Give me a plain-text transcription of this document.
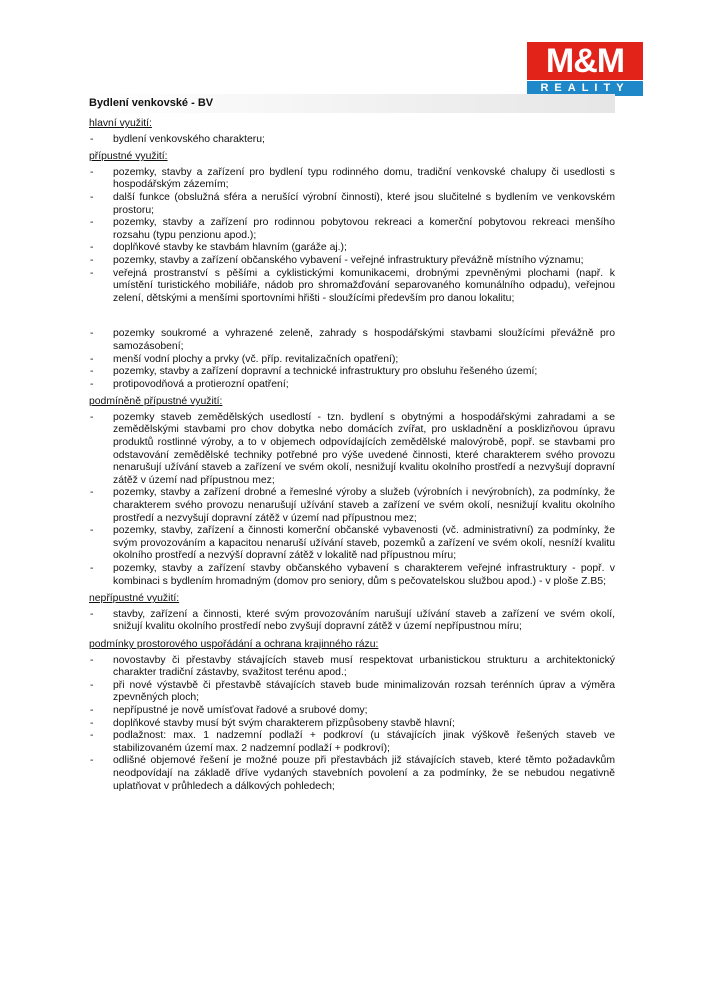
M&M
REALITY
Bydlení venkovské - BV
hlavní využití:
- bydlení venkovského charakteru;
přípustné využití:
- pozemky, stavby a zařízení pro bydlení typu rodinného domu, tradiční venkovské chalupy či usedlosti s hospodářským zázemím;
- další funkce (obslužná sféra a nerušící výrobní činnosti), které jsou slučitelné s bydlením ve venkovském prostoru;
- pozemky, stavby a zařízení pro rodinnou pobytovou rekreaci a komerční pobytovou rekreaci menšího rozsahu (typu penzionu apod.);
- doplňkové stavby ke stavbám hlavním (garáže aj.);
- pozemky, stavby a zařízení občanského vybavení - veřejné infrastruktury převážně místního významu;
- veřejná prostranství s pěšími a cyklistickými komunikacemi, drobnými zpevněnými plochami (např. k umístění turistického mobiliáře, nádob pro shromažďování separovaného komunálního odpadu), veřejnou zelení, dětskými a menšími sportovními hřišti - sloužícími především pro danou lokalitu;
- pozemky soukromé a vyhrazené zeleně, zahrady s hospodářskými stavbami sloužícími převážně pro samozásobení;
- menší vodní plochy a prvky (vč. příp. revitalizačních opatření);
- pozemky, stavby a zařízení dopravní a technické infrastruktury pro obsluhu řešeného území;
- protipovodňová a protierozní opatření;
podmíněně přípustné využití:
- pozemky staveb zemědělských usedlostí - tzn. bydlení s obytnými a hospodářskými zahradami a se zemědělskými stavbami pro chov dobytka nebo domácích zvířat, pro uskladnění a posklizňovou úpravu produktů rostlinné výroby, a to v objemech odpovídajících zemědělské malovýrobě, popř. se stavbami pro odstavování zemědělské techniky potřebné pro výše uvedené činnosti, které charakterem svého provozu nenarušují užívání staveb a zařízení ve svém okolí, nesnižují kvalitu okolního prostředí a nezvyšují dopravní zátěž v území nad přípustnou mez;
- pozemky, stavby a zařízení drobné a řemeslné výroby a služeb (výrobních i nevýrobních), za podmínky, že charakterem svého provozu nenarušují užívání staveb a zařízení ve svém okolí, nesnižují kvalitu okolního prostředí a nezvyšují dopravní zátěž v území nad přípustnou mez;
- pozemky, stavby, zařízení a činnosti komerční občanské vybavenosti (vč. administrativní) za podmínky, že svým provozováním a kapacitou nenaruší užívání staveb, pozemků a zařízení ve svém okolí, nesníží kvalitu okolního prostředí a nezvýší dopravní zátěž v lokalitě nad přípustnou míru;
- pozemky, stavby a zařízení stavby občanského vybavení s charakterem veřejné infrastruktury - popř. v kombinaci s bydlením hromadným (domov pro seniory, dům s pečovatelskou službou apod.) - v ploše Z.B5;
nepřípustné využití:
- stavby, zařízení a činnosti, které svým provozováním narušují užívání staveb a zařízení ve svém okolí, snižují kvalitu okolního prostředí nebo zvyšují dopravní zátěž v území nepřípustnou míru;
podmínky prostorového uspořádání a ochrana krajinného rázu:
- novostavby či přestavby stávajících staveb musí respektovat urbanistickou strukturu a architektonický charakter tradiční zástavby, svažitost terénu apod.;
- při nové výstavbě či přestavbě stávajících staveb bude minimalizován rozsah terénních úprav a výměra zpevněných ploch;
- nepřípustné je nově umísťovat řadové a srubové domy;
- doplňkové stavby musí být svým charakterem přizpůsobeny stavbě hlavní;
- podlažnost: max. 1 nadzemní podlaží + podkroví (u stávajících jinak výškově řešených staveb ve stabilizovaném území max. 2 nadzemní podlaží + podkroví);
- odlišné objemové řešení je možné pouze při přestavbách již stávajících staveb, které těmto požadavkům neodpovídají na základě dříve vydaných stavebních povolení a za podmínky, že se nebudou negativně uplatňovat v průhledech a dálkových pohledech;
